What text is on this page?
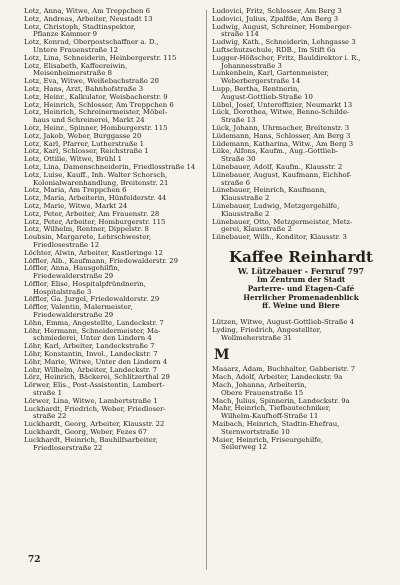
Lotz, Anna, Witwe, Am Treppchen 6

Lotz, Andreas, Arbeiter, Neustadt 13

Lotz, Christoph, Stadtinspektor,
Pflanze Kammer 9

Lotz, Konrad, Oberpostschaffner a. D.,
Untere Frauenstraße 12

Lotz, Lina, Schneiderin, Heinbergerstr. 115

Lotz, Elisabeth, Kaffeereiwin,
Meisenheimerstraße 8

Lotz, Eva, Witwe, Weißebachstraße 20

Lotz, Hans, Arzt, Bahnhofstraße 3

Lotz, Heinr., Kalkulator, Weisbacherstr. 9

Lotz, Heinrich, Schlosser, Am Treppchen 6

Lotz, Heinrich, Schreinermeister, Möbel-
haus und Schreinerei, Markt 24

Lotz, Heinr., Spinner, Homburgerstr. 115

Lotz, Jakob, Weber, Burggasse 20

Lotz, Karl, Pfarrer, Lutherstraße 1

Lotz, Karl, Schlosser, Reichstraße 1

Lotz, Ottilie, Witwe, Brühl 1

Lotz, Lina, Damenschneiderin, Friedlosstraße 14

Lotz, Luise, Kauff., Inh. Walter Schorsch,
Kolonialwarenhandlung, Breitenstr. 21

Lotz, Maria, Am Treppchen 6

Lotz, Maria, Arbeiterin, Hünfelderstr. 44

Lotz, Marie, Witwe, Markt 24

Lotz, Peter, Arbeiter, Am Frauenstr. 28

Lotz, Peter, Arbeiter, Homburgerstr. 115

Lotz, Wilhelm, Rentner, Dippelstr. 8

Loubsin, Margarete, Lehrschwester,
Friedlosestraße 12

Löchter, Alwin, Arbeiter, Kastleringe 12

Löffler, Alb., Kaufmann, Friedewalderstr. 29

Löffler, Anna, Hausgehilfin,
Friedewalderstraße 29

Löffler, Elise, Hospitalpfründnerin,
Hospitalstraße 3

Löffler, Ga. Jurgel, Friedewalderstr. 29

Löffler, Valentin, Malermeister,
Friedewalderstraße 29

Löhn, Emma, Angestellte, Landeckstr. 7

Löhr, Hermann, Schneidermeister, Ma-
schmiederei, Unter den Lindern 4

Löhr, Karl, Arbeiter, Landeckstraße 7

Löhr, Konstantin, Invol., Landeckstr. 7

Löhr, Marie, Witwe, Unter den Lindern 4

Lohr, Wilhelm, Arbeiter, Landeckstr. 7

Lörz, Heinrich, Bäckerei, Schlitzerthal 29

Lörwer, Elis., Post-Assistentin, Lambert-
straße 1

Lörwer, Lina, Witwe, Lambertstraße 1

Luckhardt, Friedrich, Weber, Friedloser-
straße 22

Luckhardt, Georg, Arbeiter, Klausstr. 22

Luckhardt, Georg, Weber, Fezes 67

Luckhardt, Heinrich, Bauhilfsarbeiter,
Friedloserstraße 22

Ludovici, Fritz, Schlosser, Am Berg 3

Ludovici, Julius, Zpalfde, Am Berg 3

Ludwig, August, Schreiner, Homberger-
straße 114

Ludwig, Kath., Schneiderin, Lehngasse 3

Luftschutzschule, RDB., Im Stift 6a

Lugger-Hößscher, Fritz, Bauldirektor i. R.,
Johannesstraße 3

Lunkenbein, Karl, Gartenmeister,
Weberbergerstraße 14

Lupp, Bertha, Rentnerin,
August-Gottlieb-Straße 10

Lübel, Josef, Unteroffizier, Neumarkt 13

Lück, Dorothea, Witwe, Benno-Schilde-
Straße 13

Lück, Johann, Uhrmacher, Breitenstr. 3

Lüdemann, Hans, Schlosser, Am Berg 3

Lüdemann, Katharina, Witw., Am Berg 3

Lüke, Alfons, Kaufm., Aug.-Gottlieb-
Straße 30

Lünebauer, Adolf, Kaufm., Klausstr. 2

Lünebauer, August, Kaufmann, Eichhof-
straße 6

Lünebauer, Heinrich, Kaufmann,
Klausstraße 2

Lünebauer, Ludwig, Metzgergehilfe,
Klausstraße 2

Lünebauer, Otto, Metzgermeister, Metz-
gerei, Klausstraße 2

Lünebauer, Wilh., Konditor, Klausstr. 3

Kaffee Reinhardt
W. Lützebauer - Fernruf 797
Im Zentrum der Stadt
Parterre- und Etagen-Café
Herrlicher Promenadenblick
ff. Weine und Biere

Lützen, Witwe, August-Gottlieb-Straße 4

Lyding, Friedrich, Angestellter,
Wollmeherstraße 31

M

Maaarz, Adam, Buchhalter, Gabberistr. 7

Mach, Adolf, Arbeiter, Landeckstr. 9a

Mach, Johanna, Arbeiterin,
Obere Frauenstraße 15

Mach, Julius, Spinnerin, Landeckstr. 9a

Mahr, Heinrich, Tiefbautechniker,
Wilhelm-Kaufhoff-Straße 11

Maibach, Heinrich, Stadtin-Ehefrau,
Sternwortstraße 10

Maier, Heinrich, Friseurgehilfe,
Seilerweg 12

72
